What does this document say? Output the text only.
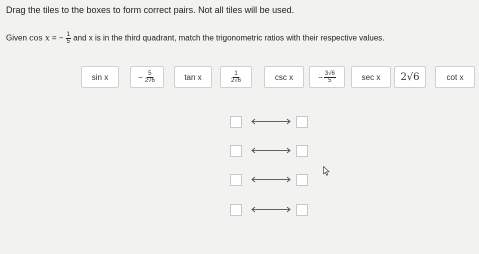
Drag the tiles to the boxes to form correct pairs. Not all tiles will be used.
Given cos x = − $\frac{1}{5}$ and x is in the third quadrant, match the trigonometric ratios with their respective values.
sin x	− $\frac{5}{2√6}$	tan x	$\frac{1}{2√6}$	csc x	− $\frac{3√6}{5}$	sec x 2√6	cot x
